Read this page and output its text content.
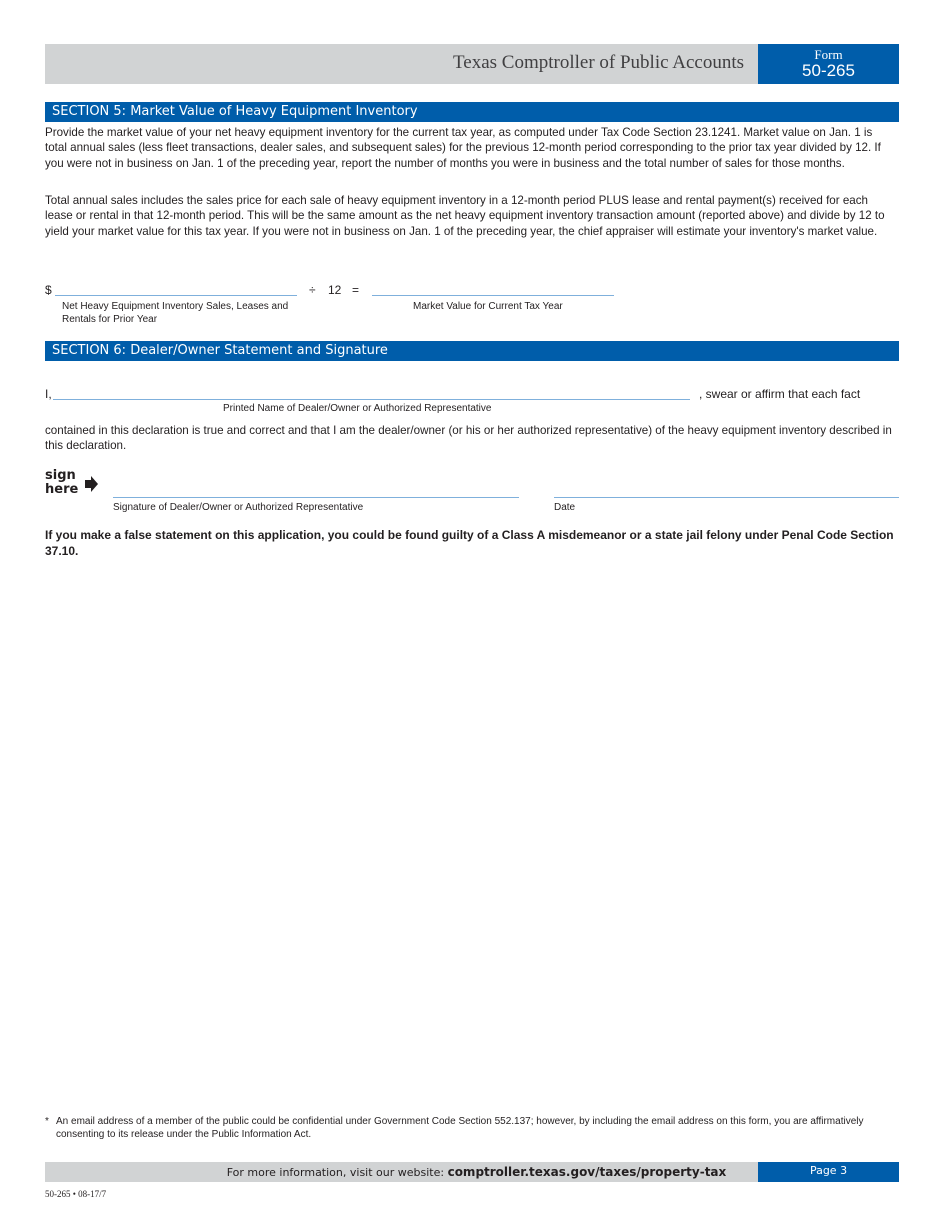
Texas Comptroller of Public Accounts	Form
50-265
SECTION 5: Market Value of Heavy Equipment Inventory

Provide the market value of your net heavy equipment inventory for the current tax year, as computed under Tax Code Section 23.1241. Market value on Jan. 1 is total annual sales (less fleet transactions, dealer sales, and subsequent sales) for the previous 12-month period corresponding to the prior tax year divided by 12. If you were not in business on Jan. 1 of the preceding year, report the number of months you were in business and the total number of sales for those months.

Total annual sales includes the sales price for each sale of heavy equipment inventory in a 12-month period PLUS lease and rental payment(s) received for each lease or rental in that 12-month period. This will be the same amount as the net heavy equipment inventory transaction amount (reported above) and divide by 12 to yield your market value for this tax year. If you were not in business on Jan. 1 of the preceding year, the chief appraiser will estimate your inventory's market value.

$	÷ 12 =
Net Heavy Equipment Inventory Sales, Leases and Rentals for Prior Year
Market Value for Current Tax Year
SECTION 6: Dealer/Owner Statement and Signature
I,	, swear or affirm that each fact
Printed Name of Dealer/Owner or Authorized Representative

contained in this declaration is true and correct and that I am the dealer/owner (or his or her authorized representative) of the heavy equipment inventory described in this declaration.

sign
here
Signature of Dealer/Owner or Authorized Representative	Date

If you make a false statement on this application, you could be found guilty of a Class A misdemeanor or a state jail felony under Penal Code Section 37.10.

* An email address of a member of the public could be confidential under Government Code Section 552.137; however, by including the email address on this form, you are affirmatively consenting to its release under the Public Information Act.
For more information, visit our website: comptroller.texas.gov/taxes/property-tax	Page 3
50-265 • 08-17/7
